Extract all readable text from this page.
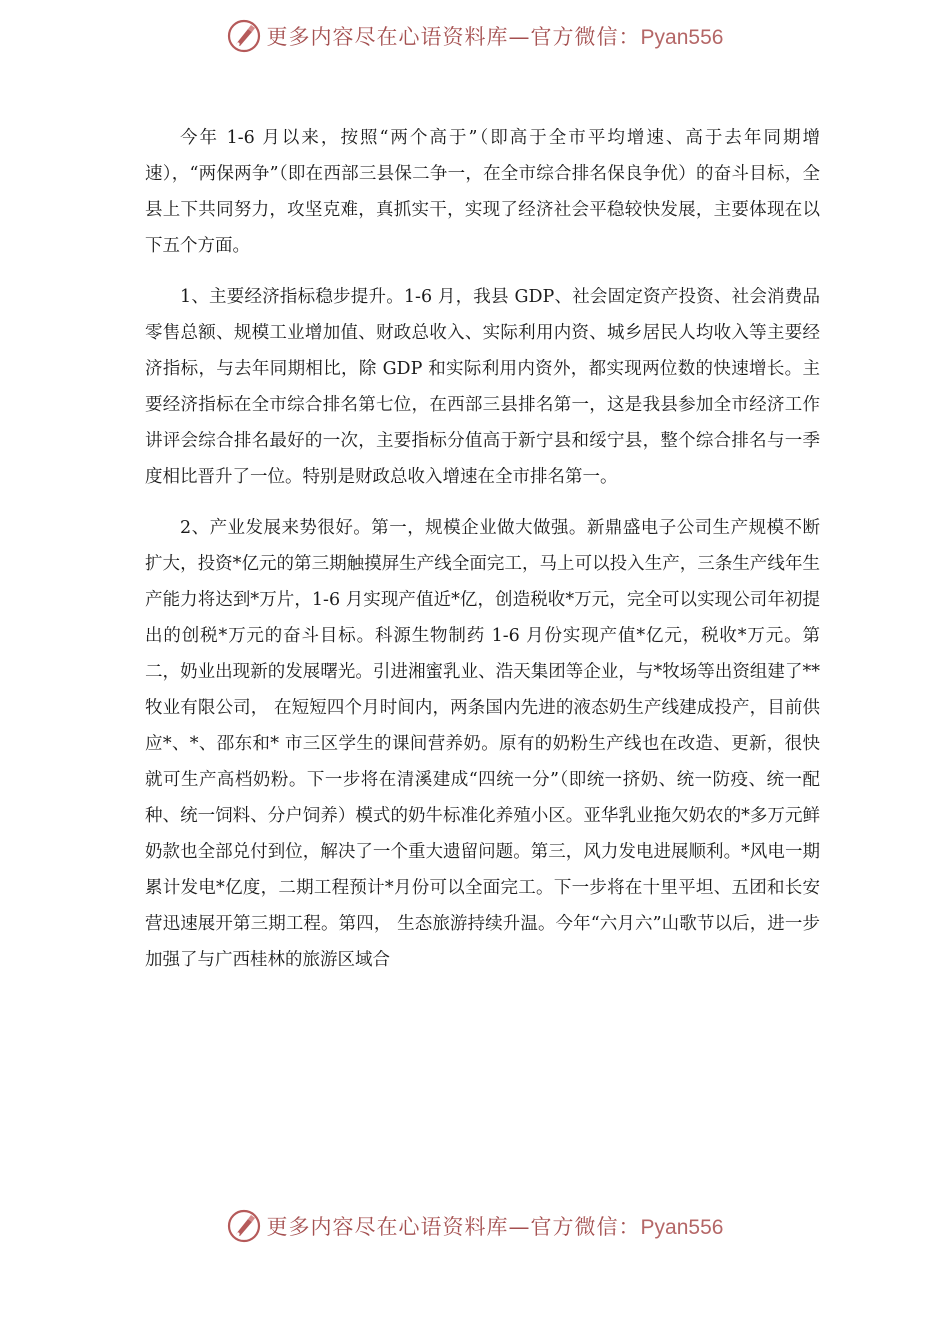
更多内容尽在心语资料库—官方微信：Pyan556

今年 1-6 月以来，按照“两个高于”（即高于全市平均增速、高于去年同期增速），“两保两争”（即在西部三县保二争一，在全市综合排名保良争优）的奋斗目标，全县上下共同努力，攻坚克难，真抓实干，实现了经济社会平稳较快发展，主要体现在以下五个方面。

1、主要经济指标稳步提升。1-6 月，我县 GDP、社会固定资产投资、社会消费品零售总额、规模工业增加值、财政总收入、实际利用内资、城乡居民人均收入等主要经济指标，与去年同期相比，除 GDP 和实际利用内资外，都实现两位数的快速增长。主要经济指标在全市综合排名第七位，在西部三县排名第一，这是我县参加全市经济工作讲评会综合排名最好的一次，主要指标分值高于新宁县和绥宁县，整个综合排名与一季度相比晋升了一位。特别是财政总收入增速在全市排名第一。

2、产业发展来势很好。第一，规模企业做大做强。新鼎盛电子公司生产规模不断扩大，投资*亿元的第三期触摸屏生产线全面完工，马上可以投入生产，三条生产线年生产能力将达到*万片，1-6 月实现产值近*亿，创造税收*万元，完全可以实现公司年初提出的创税*万元的奋斗目标。科源生物制药 1-6 月份实现产值*亿元，税收*万元。第二，奶业出现新的发展曙光。引进湘蜜乳业、浩天集团等企业，与*牧场等出资组建了**牧业有限公司， 在短短四个月时间内，两条国内先进的液态奶生产线建成投产，目前供应*、*、邵东和* 市三区学生的课间营养奶。原有的奶粉生产线也在改造、更新，很快就可生产高档奶粉。下一步将在清溪建成“四统一分”（即统一挤奶、统一防疫、统一配种、统一饲料、分户饲养）模式的奶牛标准化养殖小区。亚华乳业拖欠奶农的*多万元鲜奶款也全部兑付到位，解决了一个重大遗留问题。第三，风力发电进展顺利。*风电一期累计发电*亿度，二期工程预计*月份可以全面完工。下一步将在十里平坦、五团和长安营迅速展开第三期工程。第四， 生态旅游持续升温。今年“六月六”山歌节以后，进一步加强了与广西桂林的旅游区域合

更多内容尽在心语资料库—官方微信：Pyan556
